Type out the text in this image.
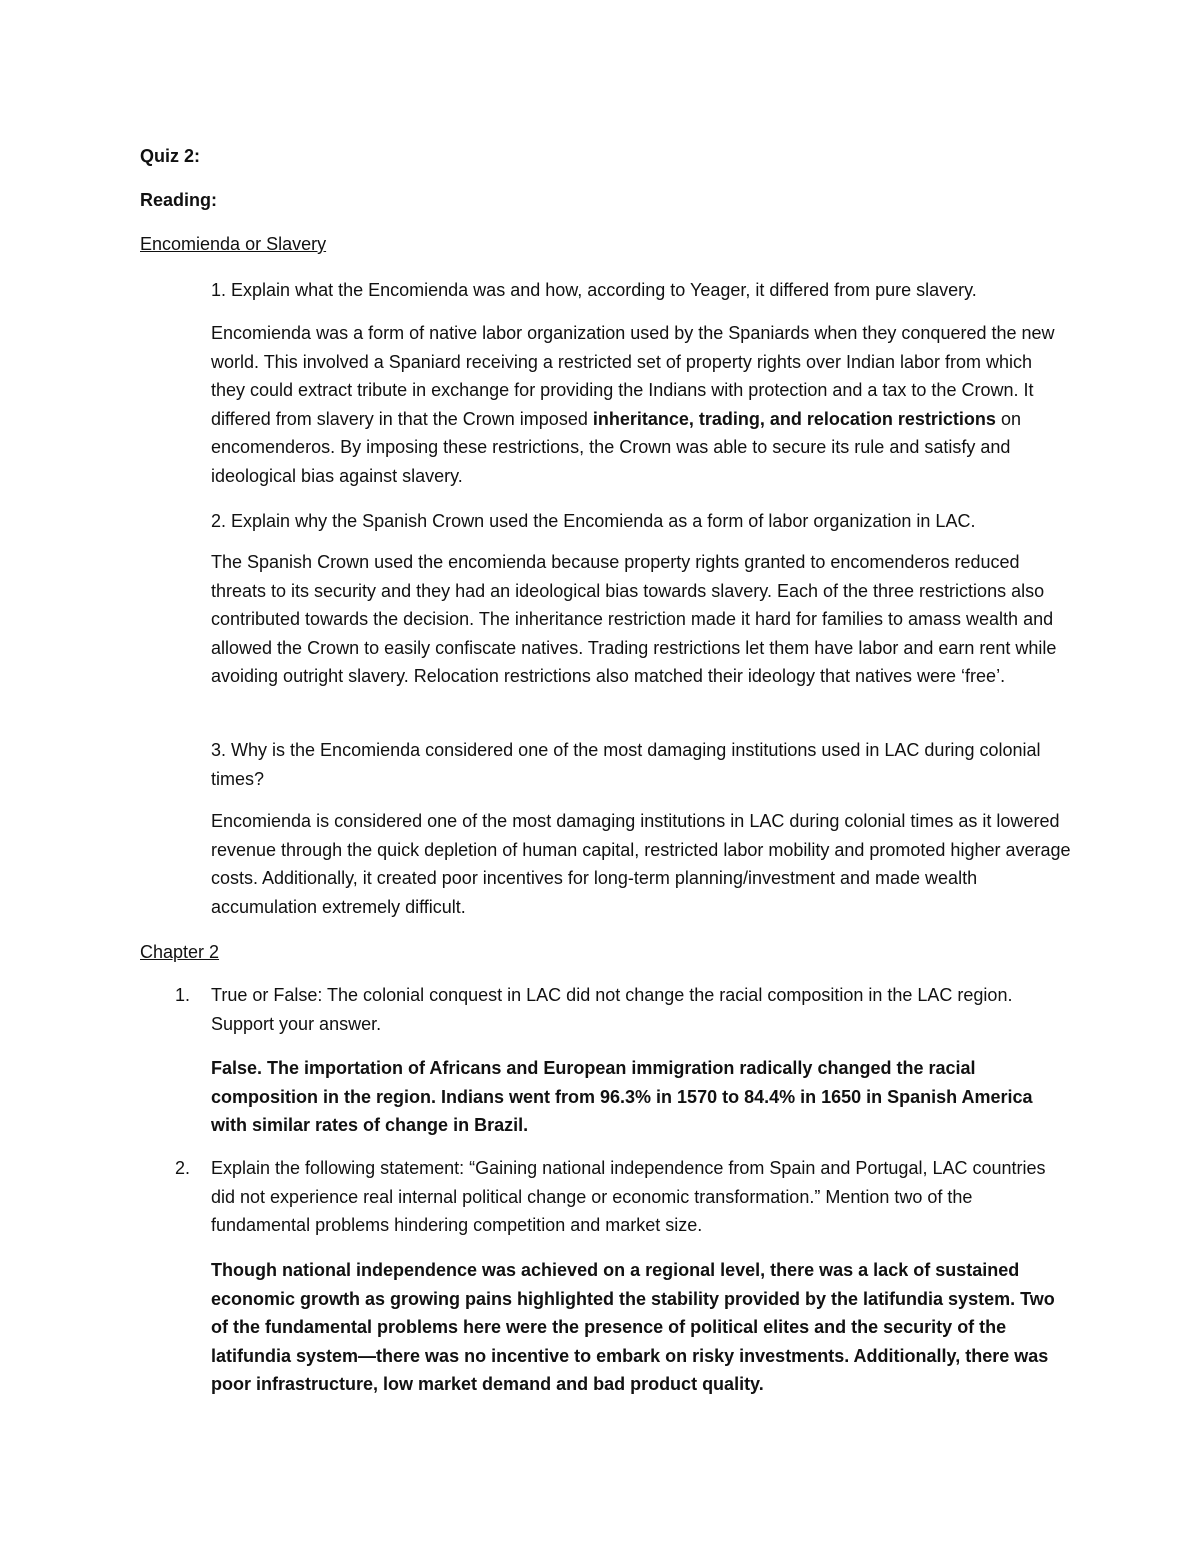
Quiz 2:

Reading:

Encomienda or Slavery

1. Explain what the Encomienda was and how, according to Yeager, it differed from pure slavery.

Encomienda was a form of native labor organization used by the Spaniards when they conquered the new world. This involved a Spaniard receiving a restricted set of property rights over Indian labor from which they could extract tribute in exchange for providing the Indians with protection and a tax to the Crown. It differed from slavery in that the Crown imposed inheritance, trading, and relocation restrictions on encomenderos. By imposing these restrictions, the Crown was able to secure its rule and satisfy and ideological bias against slavery.

2. Explain why the Spanish Crown used the Encomienda as a form of labor organization in LAC.

The Spanish Crown used the encomienda because property rights granted to encomenderos reduced threats to its security and they had an ideological bias towards slavery. Each of the three restrictions also contributed towards the decision. The inheritance restriction made it hard for families to amass wealth and allowed the Crown to easily confiscate natives. Trading restrictions let them have labor and earn rent while avoiding outright slavery. Relocation restrictions also matched their ideology that natives were ‘free’.

3. Why is the Encomienda considered one of the most damaging institutions used in LAC during colonial times?

Encomienda is considered one of the most damaging institutions in LAC during colonial times as it lowered revenue through the quick depletion of human capital, restricted labor mobility and promoted higher average costs. Additionally, it created poor incentives for long-term planning/investment and made wealth accumulation extremely difficult.

Chapter 2

1. True or False: The colonial conquest in LAC did not change the racial composition in the LAC region. Support your answer.

False. The importation of Africans and European immigration radically changed the racial composition in the region. Indians went from 96.3% in 1570 to 84.4% in 1650 in Spanish America with similar rates of change in Brazil.

2. Explain the following statement: “Gaining national independence from Spain and Portugal, LAC countries did not experience real internal political change or economic transformation.” Mention two of the fundamental problems hindering competition and market size.

Though national independence was achieved on a regional level, there was a lack of sustained economic growth as growing pains highlighted the stability provided by the latifundia system. Two of the fundamental problems here were the presence of political elites and the security of the latifundia system—there was no incentive to embark on risky investments. Additionally, there was poor infrastructure, low market demand and bad product quality.
